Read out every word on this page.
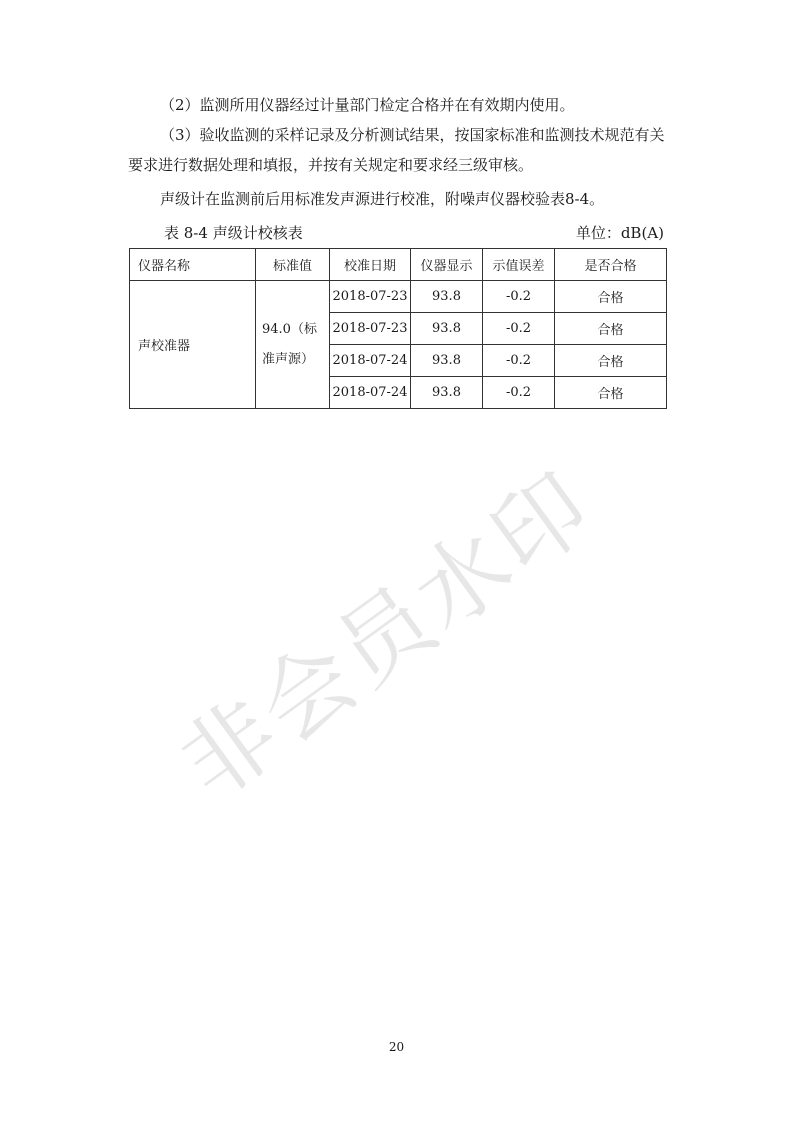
（2）监测所用仪器经过计量部门检定合格并在有效期内使用。

（3）验收监测的采样记录及分析测试结果，按国家标准和监测技术规范有关要求进行数据处理和填报，并按有关规定和要求经三级审核。

声级计在监测前后用标准发声源进行校准，附噪声仪器校验表8-4。

表 8-4 声级计校核表	单位：dB(A)
仪器名称	标准值	校准日期	仪器显示	示值误差	是否合格
声校准器	94.0（标准声源）	2018-07-23	93.8	-0.2	合格
		2018-07-23	93.8	-0.2	合格
		2018-07-24	93.8	-0.2	合格
		2018-07-24	93.8	-0.2	合格
非会员水印
20
